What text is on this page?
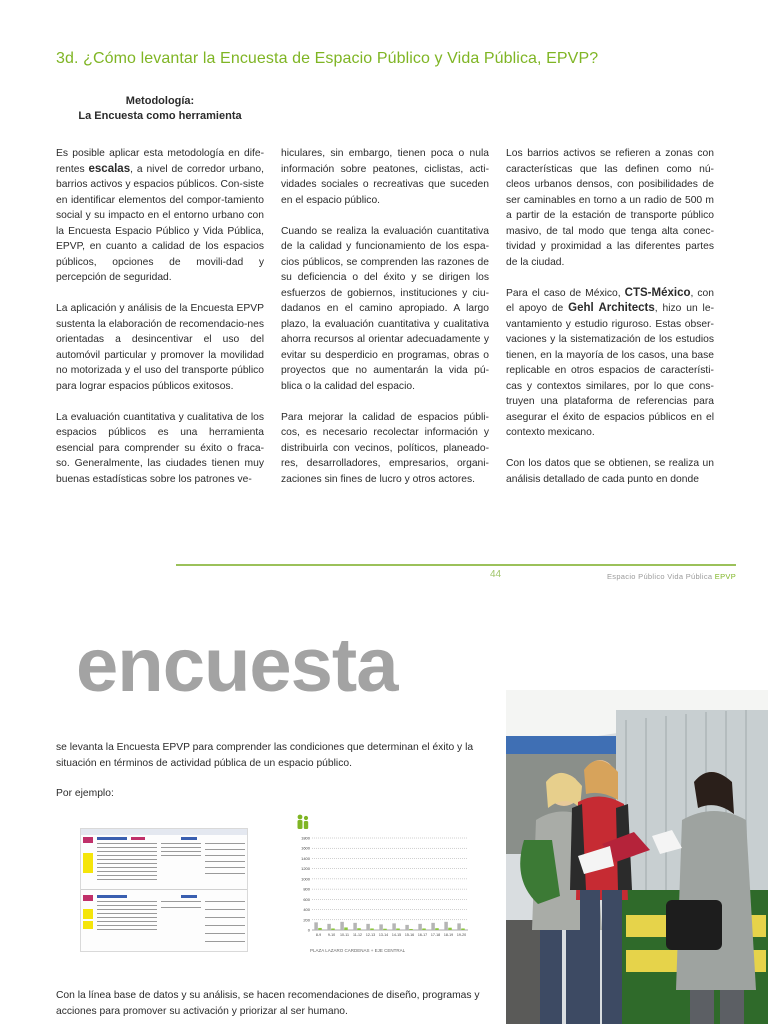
3d. ¿Cómo levantar la Encuesta de Espacio Público y Vida Pública, EPVP?
Metodología:
La Encuesta como herramienta

Es posible aplicar esta metodología en dife-rentes escalas, a nivel de corredor urbano, barrios activos y espacios públicos. Con-siste en identificar elementos del compor-tamiento social y su impacto en el entorno urbano con la Encuesta Espacio Público y Vida Pública, EPVP, en cuanto a calidad de los espacios públicos, opciones de movili-dad y percepción de seguridad.

La aplicación y análisis de la Encuesta EPVP sustenta la elaboración de recomendacio-nes orientadas a desincentivar el uso del automóvil particular y promover la movilidad no motorizada y el uso del transporte público para lograr espacios públicos exitosos.

La evaluación cuantitativa y cualitativa de los espacios públicos es una herramienta esencial para comprender su éxito o fraca-so. Generalmente, las ciudades tienen muy buenas estadísticas sobre los patrones ve-

hiculares, sin embargo, tienen poca o nula información sobre peatones, ciclistas, acti-vidades sociales o recreativas que suceden en el espacio público.

Cuando se realiza la evaluación cuantitativa de la calidad y funcionamiento de los espa-cios públicos, se comprenden las razones de su deficiencia o del éxito y se dirigen los esfuerzos de gobiernos, instituciones y ciu-dadanos en el camino apropiado. A largo plazo, la evaluación cuantitativa y cualitativa ahorra recursos al orientar adecuadamente y evitar su desperdicio en programas, obras o proyectos que no aumentarán la vida pú-blica o la calidad del espacio.

Para mejorar la calidad de espacios públi-cos, es necesario recolectar información y distribuirla con vecinos, políticos, planeado-res, desarrolladores, empresarios, organi-zaciones sin fines de lucro y otros actores.

Los barrios activos se refieren a zonas con características que las definen como nú-cleos urbanos densos, con posibilidades de ser caminables en torno a un radio de 500 m a partir de la estación de transporte público masivo, de tal modo que tenga alta conec-tividad y proximidad a las diferentes partes de la ciudad.

Para el caso de México, CTS-México, con el apoyo de Gehl Architects, hizo un le-vantamiento y estudio riguroso. Estas obser-vaciones y la sistematización de los estudios tienen, en la mayoría de los casos, una base replicable en otros espacios de característi-cas y contextos similares, por lo que cons-truyen una plataforma de referencias para asegurar el éxito de espacios públicos en el contexto mexicano.

Con los datos que se obtienen, se realiza un análisis detallado de cada punto en donde

44	Espacio Público Vida Pública EPVP
encuesta
se levanta la Encuesta EPVP para comprender las condiciones que determinan el éxito y la situación en términos de actividad pública de un espacio público.
Por ejemplo:
0
200
400
600
800
1000
1200
1400
1600
1800
8-9 9-10 10-11 11-12 12-13 13-14 14-15 15-16 16-17 17-18 18-19 19-20
PLAZA LAZARO CARDENAS + EJE CENTRAL
Con la línea base de datos y su análisis, se hacen recomendaciones de diseño, programas y acciones para promover su activación y priorizar al ser humano.
